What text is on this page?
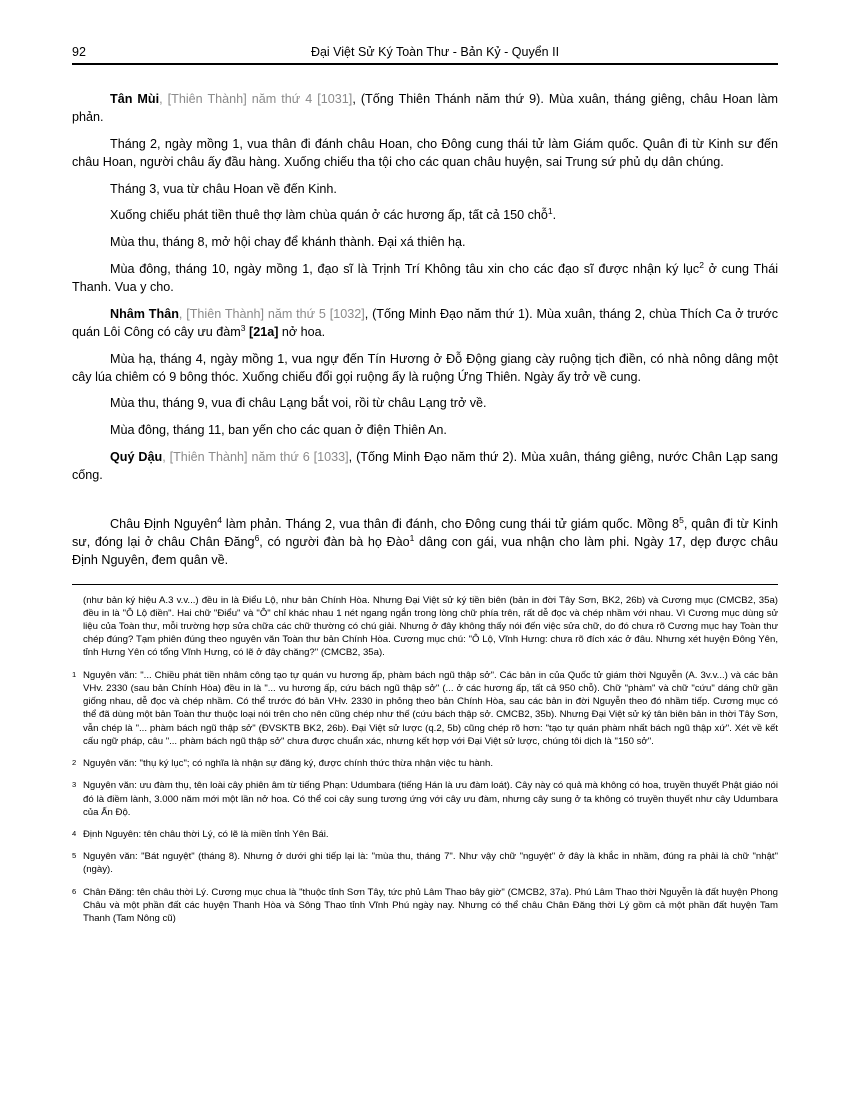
92	Đại Việt Sử Ký Toàn Thư - Bản Kỷ - Quyển II

Tân Mùi, [Thiên Thành] năm thứ 4 [1031], (Tống Thiên Thánh năm thứ 9). Mùa xuân, tháng giêng, châu Hoan làm phản.

Tháng 2, ngày mồng 1, vua thân đi đánh châu Hoan, cho Đông cung thái tử làm Giám quốc. Quân đi từ Kinh sư đến châu Hoan, người châu ấy đầu hàng. Xuống chiếu tha tội cho các quan châu huyện, sai Trung sứ phủ dụ dân chúng.

Tháng 3, vua từ châu Hoan về đến Kinh.

Xuống chiếu phát tiền thuê thợ làm chùa quán ở các hương ấp, tất cả 150 chỗ$^1$.

Mùa thu, tháng 8, mở hội chay để khánh thành. Đại xá thiên hạ.

Mùa đông, tháng 10, ngày mồng 1, đạo sĩ là Trịnh Trí Không tâu xin cho các đạo sĩ được nhận ký lục$^2$ ở cung Thái Thanh. Vua y cho.

Nhâm Thân, [Thiên Thành] năm thứ 5 [1032], (Tống Minh Đạo năm thứ 1). Mùa xuân, tháng 2, chùa Thích Ca ở trước quán Lôi Công có cây ưu đàm$^3$ [21a] nở hoa.

Mùa hạ, tháng 4, ngày mồng 1, vua ngự đến Tín Hương ở Đỗ Động giang cày ruộng tịch điền, có nhà nông dâng một cây lúa chiêm có 9 bông thóc. Xuống chiếu đổi gọi ruộng ấy là ruộng Ứng Thiên. Ngày ấy trở về cung.

Mùa thu, tháng 9, vua đi châu Lạng bắt voi, rồi từ châu Lạng trở về.

Mùa đông, tháng 11, ban yến cho các quan ở điện Thiên An.

Quý Dậu, [Thiên Thành] năm thứ 6 [1033], (Tống Minh Đạo năm thứ 2). Mùa xuân, tháng giêng, nước Chân Lạp sang cống.

Châu Định Nguyên$^4$ làm phản. Tháng 2, vua thân đi đánh, cho Đông cung thái tử giám quốc. Mồng $8^5$, quân đi từ Kinh sư, đóng lại ở châu Chân Đăng$^6$, có người đàn bà họ Đào$^1$ dâng con gái, vua nhận cho làm phi. Ngày 17, dẹp được châu Định Nguyên, đem quân về.

(như bản ký hiệu A.3 v.v...) đều in là Điểu Lộ, như bản Chính Hòa. Nhưng Đại Việt sử ký tiền biên (bản in đời Tây Sơn, BK2, 26b) và Cương mục (CMCB2, 35a) đều in là "Ô Lộ điền". Hai chữ "Điểu" và "Ô" chỉ khác nhau 1 nét ngang ngắn trong lòng chữ phía trên, rất dễ đọc và chép nhầm với nhau. Vì Cương mục dùng sử liệu của Toàn thư, mỗi trường hợp sửa chữa các chữ thường có chú giải. Nhưng ở đây không thấy nói đến việc sửa chữ, do đó chưa rõ Cương mục hay Toàn thư chép đúng? Tạm phiên đúng theo nguyên văn Toàn thư bản Chính Hòa. Cương mục chú: "Ô Lộ, Vĩnh Hưng: chưa rõ đích xác ở đâu. Nhưng xét huyện Đông Yên, tỉnh Hưng Yên có tổng Vĩnh Hưng, có lẽ ở đây chăng?" (CMCB2, 35a).
1 Nguyên văn: "... Chiều phát tiền nhâm công tạo tự quán vu hương ấp, phàm bách ngũ thập sở". Các bản in của Quốc tử giám thời Nguyễn (A. 3v.v...) và các bản VHv. 2330 (sau bản Chính Hòa) đều in là "... vu hương ấp, cứu bách ngũ thập sở" (... ở các hương ấp, tất cả 950 chỗ). Chữ "phàm" và chữ "cứu" dáng chữ gần giống nhau, dễ đọc và chép nhầm. Có thể trước đó bản VHv. 2330 in phỏng theo bản Chính Hòa, sau các bản in đời Nguyễn theo đó nhầm tiếp. Cương mục có thể đã dùng một bản Toàn thư thuộc loại nói trên cho nên cũng chép như thế (cứu bách thập sở. CMCB2, 35b). Nhưng Đại Việt sử ký tân biên bản in thời Tây Sơn, vẫn chép là "... phàm bách ngũ thập sở" (ĐVSKTB BK2, 26b). Đại Việt sử lược (q.2, 5b) cũng chép rõ hơn: "tạo tự quán phàm nhất bách ngũ thập xứ". Xét về kết cấu ngữ pháp, câu "... phàm bách ngũ thập sở" chưa được chuẩn xác, nhưng kết hợp với Đại Việt sử lược, chúng tôi dịch là "150 sở".
2 Nguyên văn: "thụ ký lục"; có nghĩa là nhận sự đăng ký, được chính thức thừa nhận việc tu hành.
3 Nguyên văn: ưu đàm thụ, tên loài cây phiên âm từ tiếng Phạn: Udumbara (tiếng Hán là ưu đàm loát). Cây này có quả mà không có hoa, truyền thuyết Phật giáo nói đó là điềm lành, 3.000 năm mới một lần nở hoa. Có thể coi cây sung tương ứng với cây ưu đàm, nhưng cây sung ở ta không có truyền thuyết như cây Udumbara của Ấn Độ.
4 Định Nguyên: tên châu thời Lý, có lẽ là miền tỉnh Yên Bái.
5 Nguyên văn: "Bát nguyệt" (tháng 8). Nhưng ở dưới ghi tiếp lại là: "mùa thu, tháng 7". Như vậy chữ "nguyệt" ở đây là khắc in nhầm, đúng ra phải là chữ "nhật" (ngày).
6 Chân Đăng: tên châu thời Lý. Cương mục chua là "thuộc tỉnh Sơn Tây, tức phủ Lâm Thao bây giờ" (CMCB2, 37a). Phú Lâm Thao thời Nguyễn là đất huyện Phong Châu và một phần đất các huyện Thanh Hòa và Sông Thao tỉnh Vĩnh Phú ngày nay. Nhưng có thể châu Chân Đăng thời Lý gồm cả một phần đất huyện Tam Thanh (Tam Nông cũ)
